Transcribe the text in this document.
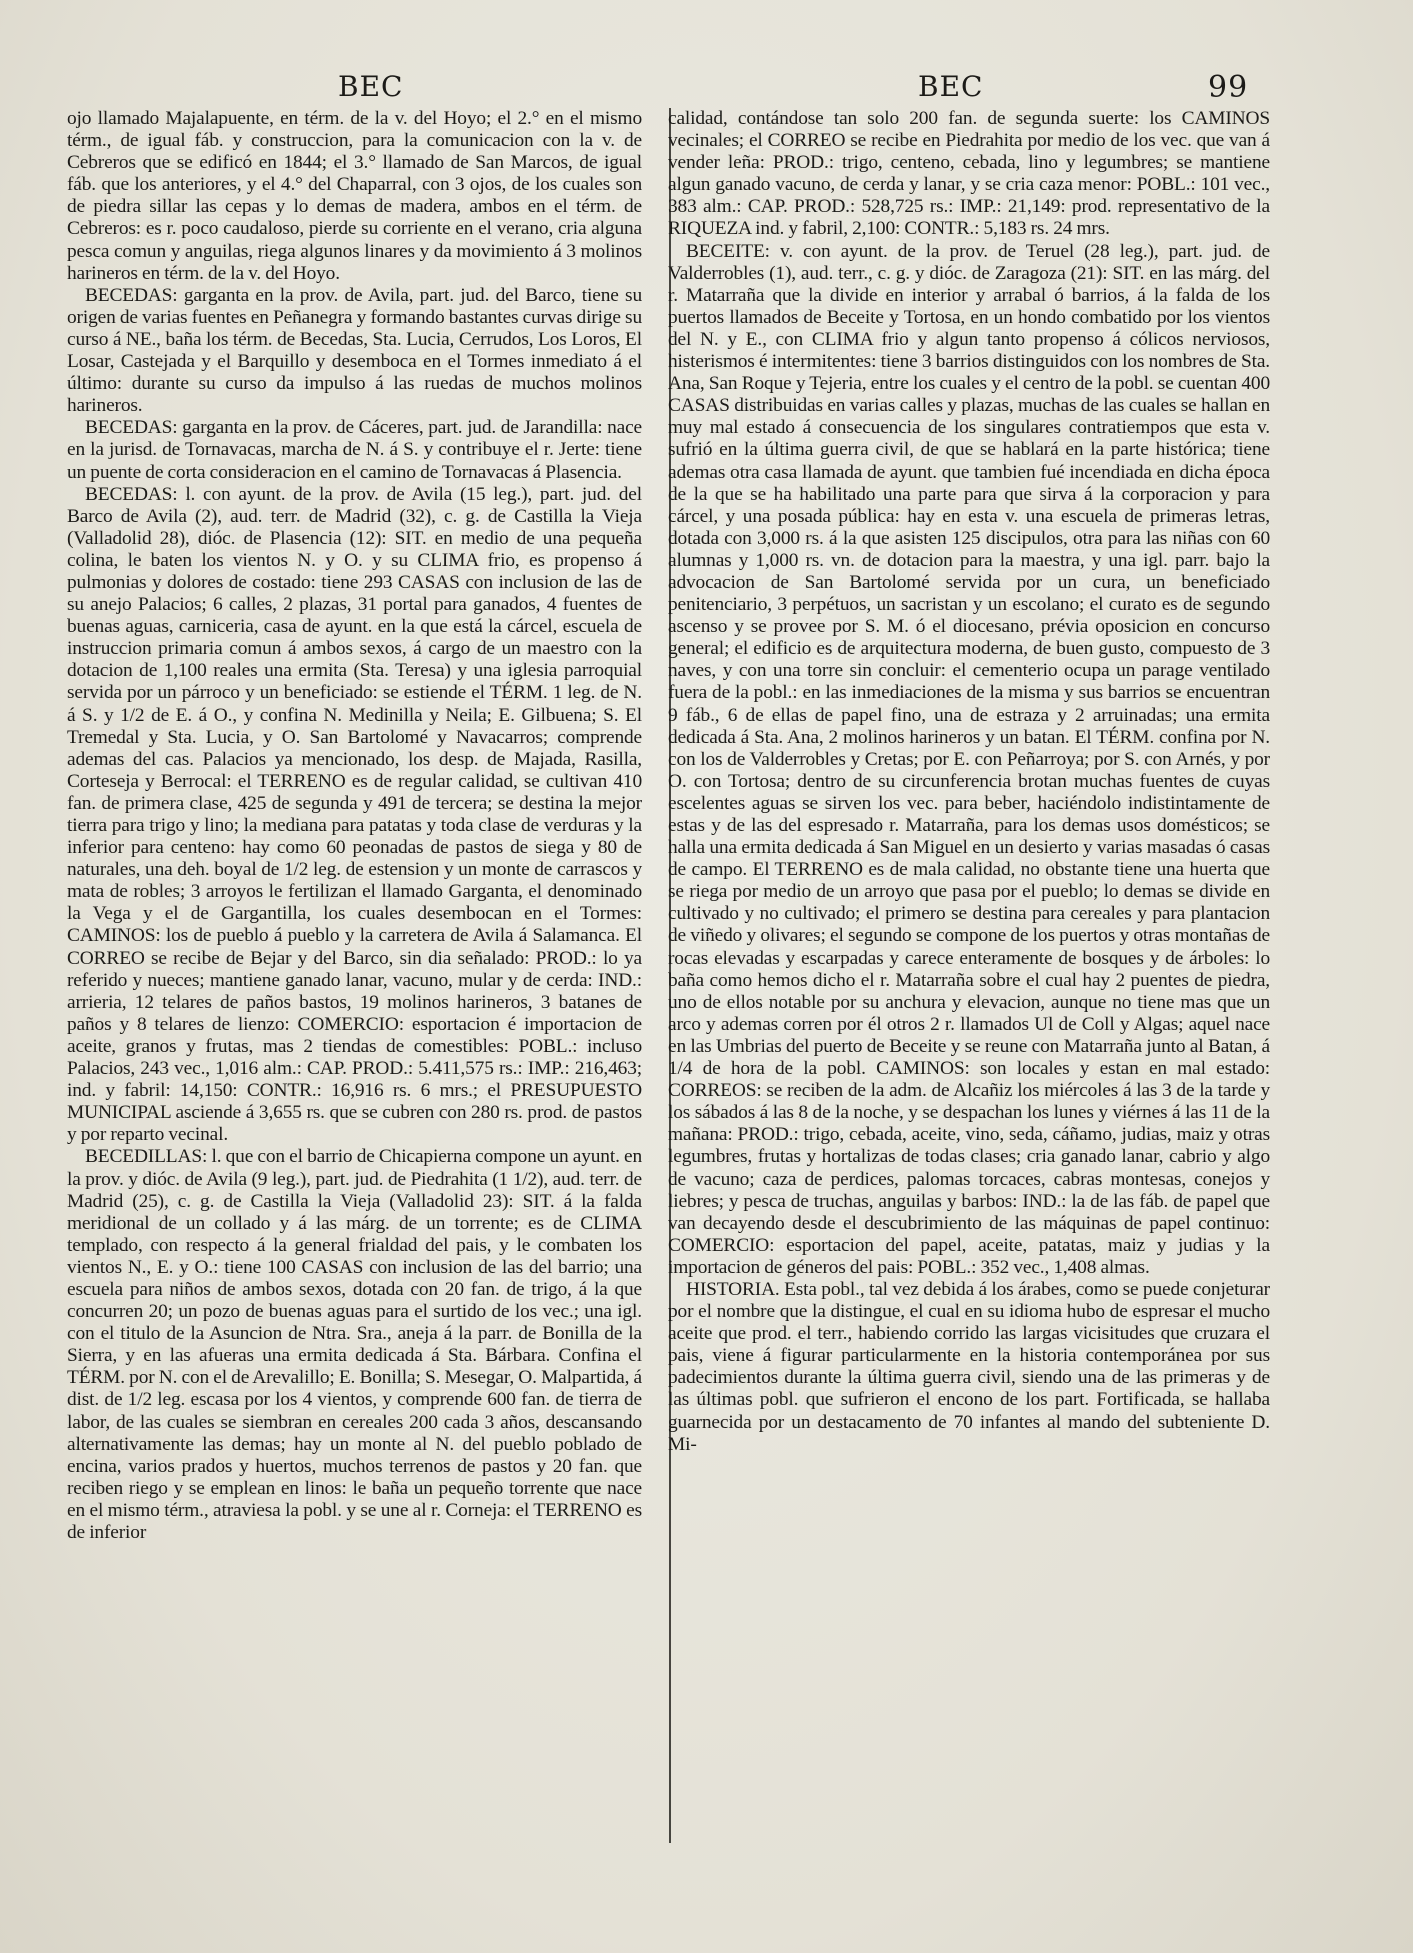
BEC	BEC	99

ojo llamado Majalapuente, en térm. de la v. del Hoyo; el 2.° en el mismo térm., de igual fáb. y construccion, para la comunicacion con la v. de Cebreros que se edificó en 1844; el 3.° llamado de San Marcos, de igual fáb. que los anteriores, y el 4.° del Chaparral, con 3 ojos, de los cuales son de piedra sillar las cepas y lo demas de madera, ambos en el térm. de Cebreros: es r. poco caudaloso, pierde su corriente en el verano, cria alguna pesca comun y anguilas, riega algunos linares y da movimiento á 3 molinos harineros en térm. de la v. del Hoyo.

BECEDAS: garganta en la prov. de Avila, part. jud. del Barco, tiene su origen de varias fuentes en Peñanegra y formando bastantes curvas dirige su curso á NE., baña los térm. de Becedas, Sta. Lucia, Cerrudos, Los Loros, El Losar, Castejada y el Barquillo y desemboca en el Tormes inmediato á el último: durante su curso da impulso á las ruedas de muchos molinos harineros.

BECEDAS: garganta en la prov. de Cáceres, part. jud. de Jarandilla: nace en la jurisd. de Tornavacas, marcha de N. á S. y contribuye el r. Jerte: tiene un puente de corta consideracion en el camino de Tornavacas á Plasencia.

BECEDAS: l. con ayunt. de la prov. de Avila (15 leg.), part. jud. del Barco de Avila (2), aud. terr. de Madrid (32), c. g. de Castilla la Vieja (Valladolid 28), dióc. de Plasencia (12): SIT. en medio de una pequeña colina, le baten los vientos N. y O. y su CLIMA frio, es propenso á pulmonias y dolores de costado: tiene 293 CASAS con inclusion de las de su anejo Palacios; 6 calles, 2 plazas, 31 portal para ganados, 4 fuentes de buenas aguas, carniceria, casa de ayunt. en la que está la cárcel, escuela de instruccion primaria comun á ambos sexos, á cargo de un maestro con la dotacion de 1,100 reales una ermita (Sta. Teresa) y una iglesia parroquial servida por un párroco y un beneficiado: se estiende el TÉRM. 1 leg. de N. á S. y 1/2 de E. á O., y confina N. Medinilla y Neila; E. Gilbuena; S. El Tremedal y Sta. Lucia, y O. San Bartolomé y Navacarros; comprende ademas del cas. Palacios ya mencionado, los desp. de Majada, Rasilla, Corteseja y Berrocal: el TERRENO es de regular calidad, se cultivan 410 fan. de primera clase, 425 de segunda y 491 de tercera; se destina la mejor tierra para trigo y lino; la mediana para patatas y toda clase de verduras y la inferior para centeno: hay como 60 peonadas de pastos de siega y 80 de naturales, una deh. boyal de 1/2 leg. de estension y un monte de carrascos y mata de robles; 3 arroyos le fertilizan el llamado Garganta, el denominado la Vega y el de Gargantilla, los cuales desembocan en el Tormes: CAMINOS: los de pueblo á pueblo y la carretera de Avila á Salamanca. El CORREO se recibe de Bejar y del Barco, sin dia señalado: PROD.: lo ya referido y nueces; mantiene ganado lanar, vacuno, mular y de cerda: IND.: arrieria, 12 telares de paños bastos, 19 molinos harineros, 3 batanes de paños y 8 telares de lienzo: COMERCIO: esportacion é importacion de aceite, granos y frutas, mas 2 tiendas de comestibles: POBL.: incluso Palacios, 243 vec., 1,016 alm.: CAP. PROD.: 5.411,575 rs.: IMP.: 216,463; ind. y fabril: 14,150: CONTR.: 16,916 rs. 6 mrs.; el PRESUPUESTO MUNICIPAL asciende á 3,655 rs. que se cubren con 280 rs. prod. de pastos y por reparto vecinal.

BECEDILLAS: l. que con el barrio de Chicapierna compone un ayunt. en la prov. y dióc. de Avila (9 leg.), part. jud. de Piedrahita (1 1/2), aud. terr. de Madrid (25), c. g. de Castilla la Vieja (Valladolid 23): SIT. á la falda meridional de un collado y á las márg. de un torrente; es de CLIMA templado, con respecto á la general frialdad del pais, y le combaten los vientos N., E. y O.: tiene 100 CASAS con inclusion de las del barrio; una escuela para niños de ambos sexos, dotada con 20 fan. de trigo, á la que concurren 20; un pozo de buenas aguas para el surtido de los vec.; una igl. con el titulo de la Asuncion de Ntra. Sra., aneja á la parr. de Bonilla de la Sierra, y en las afueras una ermita dedicada á Sta. Bárbara. Confina el TÉRM. por N. con el de Arevalillo; E. Bonilla; S. Mesegar, O. Malpartida, á dist. de 1/2 leg. escasa por los 4 vientos, y comprende 600 fan. de tierra de labor, de las cuales se siembran en cereales 200 cada 3 años, descansando alternativamente las demas; hay un monte al N. del pueblo poblado de encina, varios prados y huertos, muchos terrenos de pastos y 20 fan. que reciben riego y se emplean en linos: le baña un pequeño torrente que nace en el mismo térm., atraviesa la pobl. y se une al r. Corneja: el TERRENO es de inferior

calidad, contándose tan solo 200 fan. de segunda suerte: los CAMINOS vecinales; el CORREO se recibe en Piedrahita por medio de los vec. que van á vender leña: PROD.: trigo, centeno, cebada, lino y legumbres; se mantiene algun ganado vacuno, de cerda y lanar, y se cria caza menor: POBL.: 101 vec., 383 alm.: CAP. PROD.: 528,725 rs.: IMP.: 21,149: prod. representativo de la RIQUEZA ind. y fabril, 2,100: CONTR.: 5,183 rs. 24 mrs.

BECEITE: v. con ayunt. de la prov. de Teruel (28 leg.), part. jud. de Valderrobles (1), aud. terr., c. g. y dióc. de Zaragoza (21): SIT. en las márg. del r. Matarraña que la divide en interior y arrabal ó barrios, á la falda de los puertos llamados de Beceite y Tortosa, en un hondo combatido por los vientos del N. y E., con CLIMA frio y algun tanto propenso á cólicos nerviosos, histerismos é intermitentes: tiene 3 barrios distinguidos con los nombres de Sta. Ana, San Roque y Tejeria, entre los cuales y el centro de la pobl. se cuentan 400 CASAS distribuidas en varias calles y plazas, muchas de las cuales se hallan en muy mal estado á consecuencia de los singulares contratiempos que esta v. sufrió en la última guerra civil, de que se hablará en la parte histórica; tiene ademas otra casa llamada de ayunt. que tambien fué incendiada en dicha época de la que se ha habilitado una parte para que sirva á la corporacion y para cárcel, y una posada pública: hay en esta v. una escuela de primeras letras, dotada con 3,000 rs. á la que asisten 125 discipulos, otra para las niñas con 60 alumnas y 1,000 rs. vn. de dotacion para la maestra, y una igl. parr. bajo la advocacion de San Bartolomé servida por un cura, un beneficiado penitenciario, 3 perpétuos, un sacristan y un escolano; el curato es de segundo ascenso y se provee por S. M. ó el diocesano, prévia oposicion en concurso general; el edificio es de arquitectura moderna, de buen gusto, compuesto de 3 naves, y con una torre sin concluir: el cementerio ocupa un parage ventilado fuera de la pobl.: en las inmediaciones de la misma y sus barrios se encuentran 9 fáb., 6 de ellas de papel fino, una de estraza y 2 arruinadas; una ermita dedicada á Sta. Ana, 2 molinos harineros y un batan. El TÉRM. confina por N. con los de Valderrobles y Cretas; por E. con Peñarroya; por S. con Arnés, y por O. con Tortosa; dentro de su circunferencia brotan muchas fuentes de cuyas escelentes aguas se sirven los vec. para beber, haciéndolo indistintamente de estas y de las del espresado r. Matarraña, para los demas usos domésticos; se halla una ermita dedicada á San Miguel en un desierto y varias masadas ó casas de campo. El TERRENO es de mala calidad, no obstante tiene una huerta que se riega por medio de un arroyo que pasa por el pueblo; lo demas se divide en cultivado y no cultivado; el primero se destina para cereales y para plantacion de viñedo y olivares; el segundo se compone de los puertos y otras montañas de rocas elevadas y escarpadas y carece enteramente de bosques y de árboles: lo baña como hemos dicho el r. Matarraña sobre el cual hay 2 puentes de piedra, uno de ellos notable por su anchura y elevacion, aunque no tiene mas que un arco y ademas corren por él otros 2 r. llamados Ul de Coll y Algas; aquel nace en las Umbrias del puerto de Beceite y se reune con Matarraña junto al Batan, á 1/4 de hora de la pobl. CAMINOS: son locales y estan en mal estado: CORREOS: se reciben de la adm. de Alcañiz los miércoles á las 3 de la tarde y los sábados á las 8 de la noche, y se despachan los lunes y viérnes á las 11 de la mañana: PROD.: trigo, cebada, aceite, vino, seda, cáñamo, judias, maiz y otras legumbres, frutas y hortalizas de todas clases; cria ganado lanar, cabrio y algo de vacuno; caza de perdices, palomas torcaces, cabras montesas, conejos y liebres; y pesca de truchas, anguilas y barbos: IND.: la de las fáb. de papel que van decayendo desde el descubrimiento de las máquinas de papel continuo: COMERCIO: esportacion del papel, aceite, patatas, maiz y judias y la importacion de géneros del pais: POBL.: 352 vec., 1,408 almas.

HISTORIA. Esta pobl., tal vez debida á los árabes, como se puede conjeturar por el nombre que la distingue, el cual en su idioma hubo de espresar el mucho aceite que prod. el terr., habiendo corrido las largas vicisitudes que cruzara el pais, viene á figurar particularmente en la historia contemporánea por sus padecimientos durante la última guerra civil, siendo una de las primeras y de las últimas pobl. que sufrieron el encono de los part. Fortificada, se hallaba guarnecida por un destacamento de 70 infantes al mando del subteniente D. Mi-
